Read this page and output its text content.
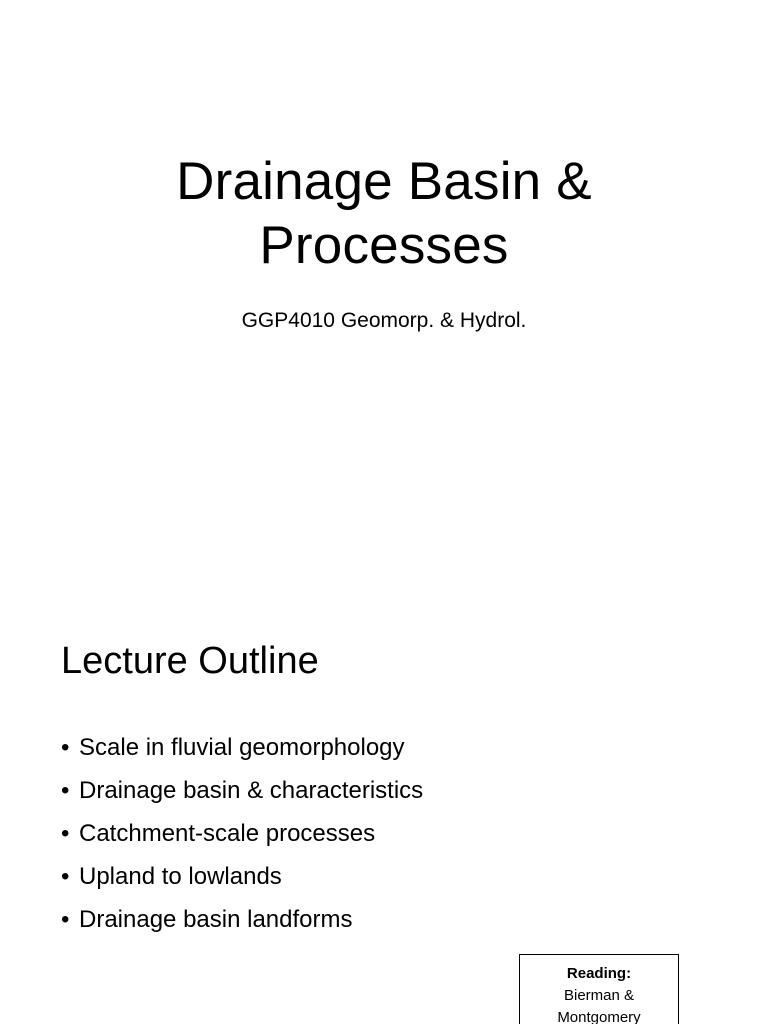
Drainage Basin &
Processes
GGP4010 Geomorp. & Hydrol.
Lecture Outline
• Scale in fluvial geomorphology
• Drainage basin & characteristics
• Catchment-scale processes
• Upland to lowlands
• Drainage basin landforms
Reading:
Bierman &
Montgomery
